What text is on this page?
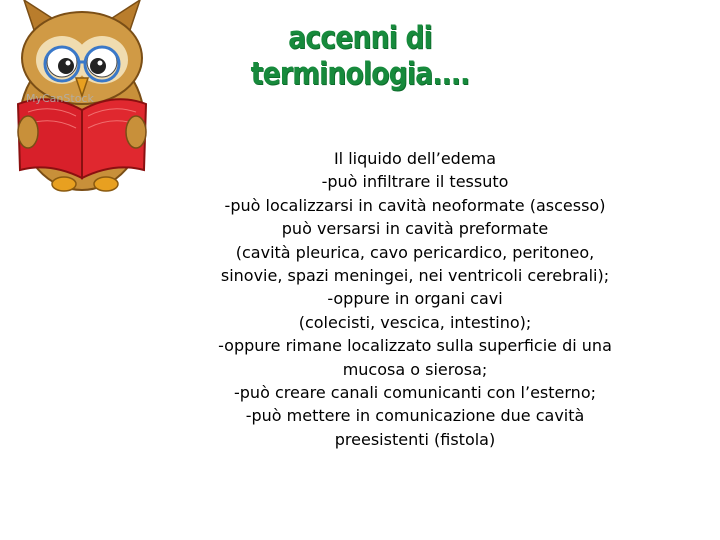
MyCanStock
accenni di terminologia....
Il liquido dell’edema
-può infiltrare il tessuto
-può localizzarsi in cavità neoformate (ascesso)
può versarsi in cavità preformate
(cavità pleurica, cavo pericardico, peritoneo,
sinovie, spazi meningei, nei ventricoli cerebrali);
-oppure in organi cavi
(colecisti, vescica, intestino);
-oppure rimane localizzato sulla superficie di una
mucosa o sierosa;
-può creare canali comunicanti con l’esterno;
-può mettere in comunicazione due cavità
preesistenti (fistola)
